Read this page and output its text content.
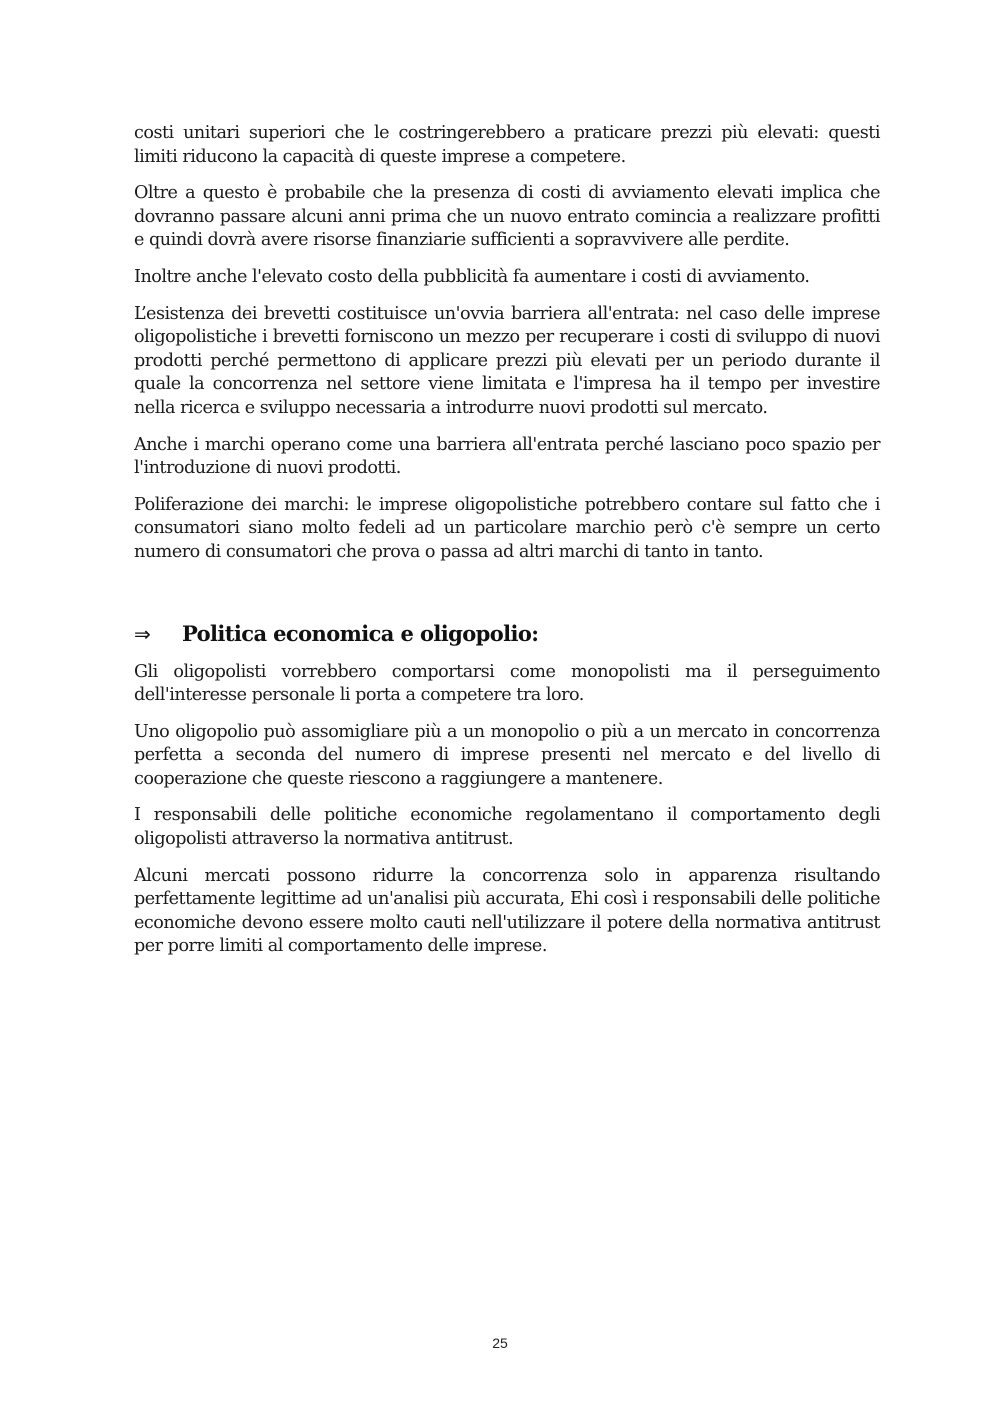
costi unitari superiori che le costringerebbero a praticare prezzi più elevati: questi limiti riducono la capacità di queste imprese a competere.

Oltre a questo è probabile che la presenza di costi di avviamento elevati implica che dovranno passare alcuni anni prima che un nuovo entrato comincia a realizzare profitti e quindi dovrà avere risorse finanziarie sufficienti a sopravvivere alle perdite.

Inoltre anche l'elevato costo della pubblicità fa aumentare i costi di avviamento.

L’esistenza dei brevetti costituisce un'ovvia barriera all'entrata: nel caso delle imprese oligopolistiche i brevetti forniscono un mezzo per recuperare i costi di sviluppo di nuovi prodotti perché permettono di applicare prezzi più elevati per un periodo durante il quale la concorrenza nel settore viene limitata e l'impresa ha il tempo per investire nella ricerca e sviluppo necessaria a introdurre nuovi prodotti sul mercato.

Anche i marchi operano come una barriera all'entrata perché lasciano poco spazio per l'introduzione di nuovi prodotti.

Poliferazione dei marchi: le imprese oligopolistiche potrebbero contare sul fatto che i consumatori siano molto fedeli ad un particolare marchio però c'è sempre un certo numero di consumatori che prova o passa ad altri marchi di tanto in tanto.

⇒	Politica economica e oligopolio:

Gli oligopolisti vorrebbero comportarsi come monopolisti ma il perseguimento dell'interesse personale li porta a competere tra loro.

Uno oligopolio può assomigliare più a un monopolio o più a un mercato in concorrenza perfetta a seconda del numero di imprese presenti nel mercato e del livello di cooperazione che queste riescono a raggiungere a mantenere.

I responsabili delle politiche economiche regolamentano il comportamento degli oligopolisti attraverso la normativa antitrust.

Alcuni mercati possono ridurre la concorrenza solo in apparenza risultando perfettamente legittime ad un'analisi più accurata, Ehi così i responsabili delle politiche economiche devono essere molto cauti nell'utilizzare il potere della normativa antitrust per porre limiti al comportamento delle imprese.

25
